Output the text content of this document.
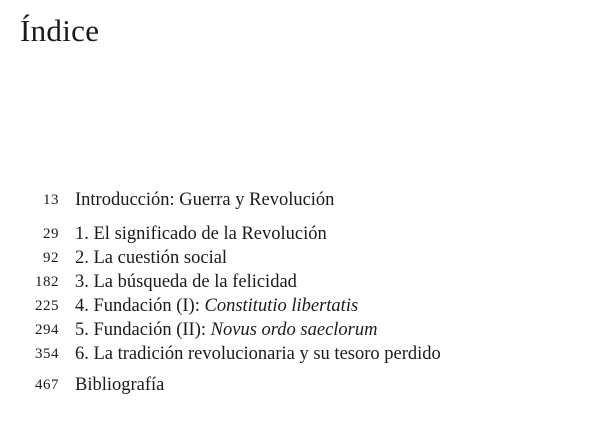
Índice
13 Introducción: Guerra y Revolución
29 1. El significado de la Revolución
92 2. La cuestión social
182 3. La búsqueda de la felicidad
225 4. Fundación (I): Constitutio libertatis
294 5. Fundación (II): Novus ordo saeclorum
354 6. La tradición revolucionaria y su tesoro perdido
467 Bibliografía
